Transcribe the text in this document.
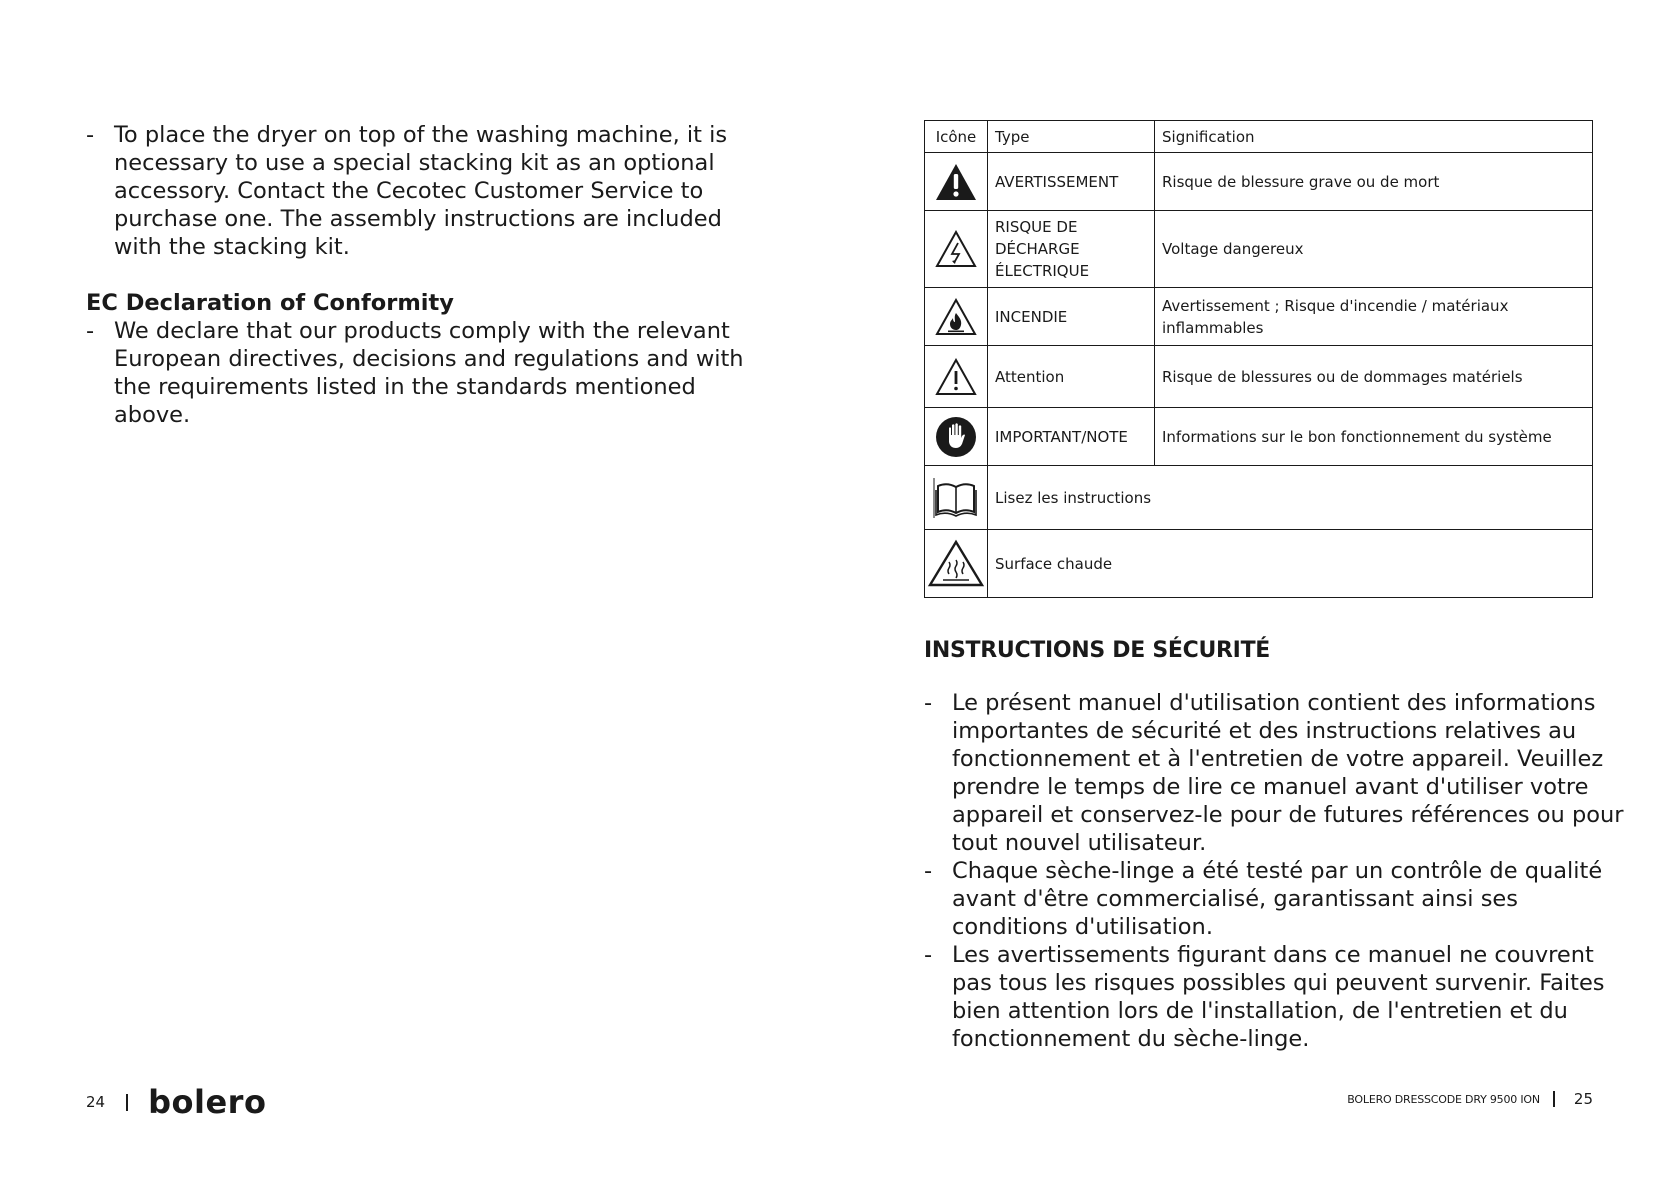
- To place the dryer on top of the washing machine, it is necessary to use a special stacking kit as an optional accessory. Contact the Cecotec Customer Service to purchase one. The assembly instructions are included with the stacking kit.
EC Declaration of Conformity
- We declare that our products comply with the relevant European directives, decisions and regulations and with the requirements listed in the standards mentioned above.
24 bolero
Icône	Type	Signification

	AVERTISSEMENT	Risque de blessure grave ou de mort

	RISQUE DE DÉCHARGE ÉLECTRIQUE	Voltage dangereux

	INCENDIE	Avertissement ; Risque d'incendie / matériaux inflammables

	Attention	Risque de blessures ou de dommages matériels

	IMPORTANT/NOTE	Informations sur le bon fonctionnement du système

	Lisez les instructions	

	Surface chaude	
INSTRUCTIONS DE SÉCURITÉ
- Le présent manuel d'utilisation contient des informations importantes de sécurité et des instructions relatives au fonctionnement et à l'entretien de votre appareil. Veuillez prendre le temps de lire ce manuel avant d'utiliser votre appareil et conservez-le pour de futures références ou pour tout nouvel utilisateur.
- Chaque sèche-linge a été testé par un contrôle de qualité avant d'être commercialisé, garantissant ainsi ses conditions d'utilisation.
- Les avertissements figurant dans ce manuel ne couvrent pas tous les risques possibles qui peuvent survenir. Faites bien attention lors de l'installation, de l'entretien et du fonctionnement du sèche-linge.
BOLERO DRESSCODE DRY 9500 ION 25
